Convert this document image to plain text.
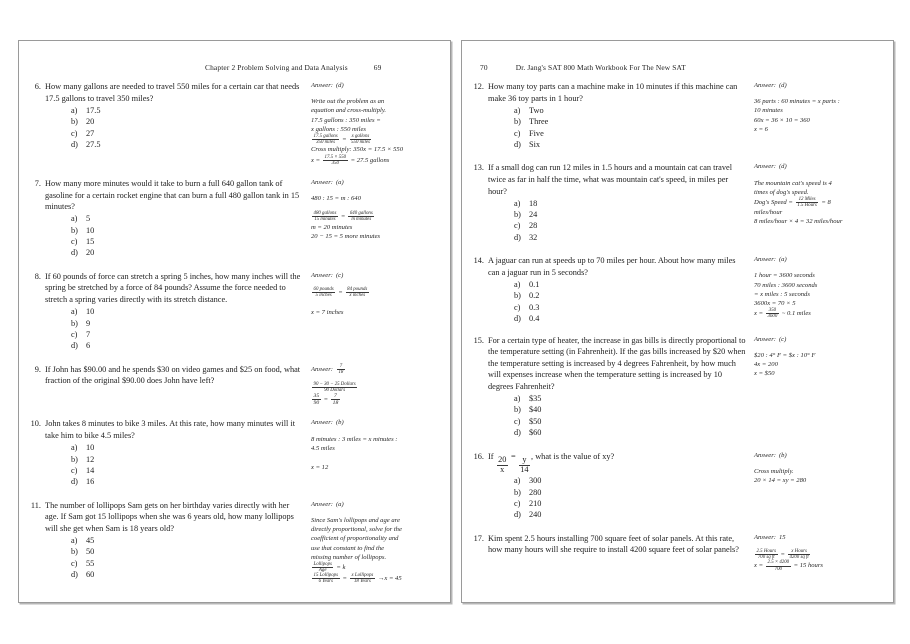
Chapter 2 Problem Solving and Data Analysis	69
6. How many gallons are needed to travel 550 miles for a certain car that needs 17.5 gallons to travel 350 miles?
a)	17.5
b) 20
c)	27
d) 27.5
Answer: (d)
Write out the problem as an
equation and cross-multiply.
17.5 gallons : 350 miles =
x gallons : 550 miles
$\frac{\text{17.5 gallons}}{\text{350 miles}} = \frac{\text{x gallons}}{\text{550 miles}}$
Cross multiply: 350x = 17.5 × 550
$x = \frac{17.5 \times 550}{350} = 27.5$ gallons
7. How many more minutes would it take to burn a full 640 gallon tank of gasoline for a certain rocket engine that can burn a full 480 gallon tank in 15 minutes?
a)	5
b) 10
c)	15
d) 20
Answer: (a)
480 : 15 = m : 640
$\frac{\text{480 gallons}}{\text{15 minutes}} = \frac{\text{640 gallons}}{\text{m minutes}}$
m = 20 minutes
20 − 15 = 5 more minutes
8. If 60 pounds of force can stretch a spring 5 inches, how many inches will the spring be stretched by a force of 84 pounds? Assume the force needed to stretch a spring varies directly with its stretch distance.
a)	10
b) 9
c)	7
d) 6
Answer: (c)
$\frac{\text{60 pounds}}{\text{5 inches}} = \frac{\text{84 pounds}}{\text{x inches}}$
x = 7 inches
9. If John has $90.00 and he spends $30 on video games and $25 on food, what fraction of the original $90.00 does John have left?
Answer: $\frac{7}{18}$
$\frac{\text{90 − 30 − 25 Dollars}}{\text{90 Dollars}}$
$\frac{35}{90} = \frac{7}{18}$
10. John takes 8 minutes to bike 3 miles. At this rate, how many minutes will it take him to bike 4.5 miles?
a)	10
b) 12
c)	14
d) 16
Answer: (b)
8 minutes : 3 miles = x minutes :
4.5 miles
x = 12
11. The number of lollipops Sam gets on her birthday varies directly with her age. If Sam got 15 lollipops when she was 6 years old, how many lollipops will she get when Sam is 18 years old?
a)	45
b) 50
c)	55
d) 60
Answer: (a)
Since Sam's lollipops and age are
directly proportional, solve for the
coefficient of proportionality and
use that constant to find the
missing number of lollipops.
$\frac{\text{Lollipops}}{\text{Age}} = k$
$\frac{\text{15 Lollipops}}{\text{6 Years}} = \frac{\text{x Lollipops}}{\text{18 Years}} \to x = 45$
70	Dr. Jang's SAT 800 Math Workbook For The New SAT
12. How many toy parts can a machine make in 10 minutes if this machine can make 36 toy parts in 1 hour?
a)	Two
b) Three
c)	Five
d) Six
Answer: (d)
36 parts : 60 minutes = x parts :
10 minutes
60x = 36 × 10 = 360
x = 6
13. If a small dog can run 12 miles in 1.5 hours and a mountain cat can travel twice as far in half the time, what was mountain cat's speed, in miles per hour?
a)	18
b) 24
c)	28
d) 32
Answer: (d)
The mountain cat's speed is 4
times of dog's speed.
Dog's Speed = $\frac{\text{12 Miles}}{\text{1.5 Hours}} = 8$
miles/hour
8 miles/hour × 4 = 32 miles/hour
14. A jaguar can run at speeds up to 70 miles per hour. About how many miles can a jaguar run in 5 seconds?
a)	0.1
b) 0.2
c)	0.3
d) 0.4
Answer: (a)
1 hour = 3600 seconds
70 miles : 3600 seconds
= x miles : 5 seconds
3600x = 70 × 5
$x = \frac{350}{3600}$ ~ 0.1 miles
15. For a certain type of heater, the increase in gas bills is directly proportional to the temperature setting (in Fahrenheit). If the gas bills increased by $20 when the temperature setting is increased by 4 degrees Fahrenheit, by how much will expenses increase when the temperature setting is increased by 10 degrees Fahrenheit?
a)	$35
b) $40
c)	$50
d) $60
Answer: (c)
$20 : 4° F = $x : 10° F
4x = 200
x = $50
16. If $\frac{20}{x} = \frac{y}{14}$ , what is the value of xy?
a)	300
b) 280
c)	210
d) 240
Answer: (b)
Cross multiply.
20 × 14 = xy = 280
17. Kim spent 2.5 hours installing 700 square feet of solar panels. At this rate, how many hours will she require to install 4200 square feet of solar panels?
Answer: 15
$\frac{\text{2.5 Hours}}{\text{700 sq ft}} = \frac{\text{x Hours}}{\text{4200 sq ft}}$
$x = \frac{2.5 \times 4200}{700} = 15$ hours
